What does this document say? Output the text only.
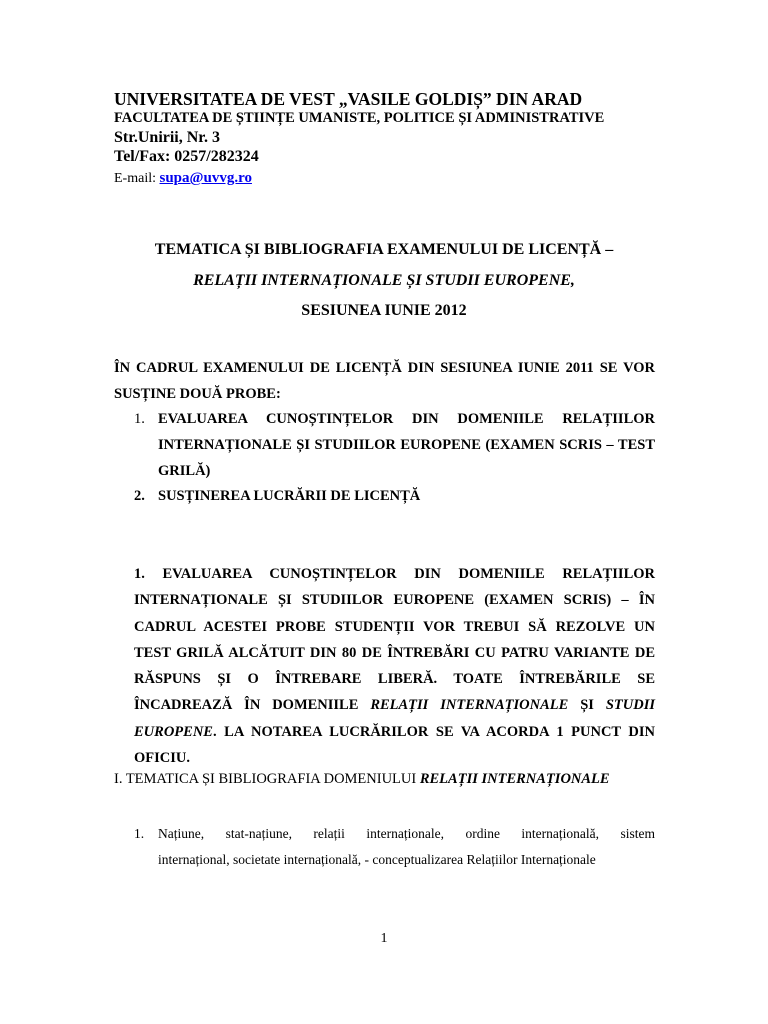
UNIVERSITATEA DE VEST „VASILE GOLDIȘ” DIN ARAD
FACULTATEA DE ȘTIINȚE UMANISTE, POLITICE ȘI ADMINISTRATIVE
Str.Unirii, Nr. 3
Tel/Fax: 0257/282324
E-mail: supa@uvvg.ro
TEMATICA ȘI BIBLIOGRAFIA EXAMENULUI DE LICENȚĂ –
RELAȚII INTERNAȚIONALE ȘI STUDII EUROPENE,
SESIUNEA IUNIE 2012
ÎN CADRUL EXAMENULUI DE LICENȚĂ DIN SESIUNEA IUNIE 2011 SE VOR
SUSȚINE DOUĂ PROBE:
1. EVALUAREA CUNOȘTINȚELOR DIN DOMENIILE RELAȚIILOR INTERNAȚIONALE ȘI STUDIILOR EUROPENE (EXAMEN SCRIS – TEST GRILĂ)
2. SUSȚINEREA LUCRĂRII DE LICENȚĂ
1. EVALUAREA CUNOȘTINȚELOR DIN DOMENIILE RELAȚIILOR
INTERNAȚIONALE ȘI STUDIILOR EUROPENE (EXAMEN SCRIS) – ÎN
CADRUL ACESTEI PROBE STUDENȚII VOR TREBUI SĂ REZOLVE UN
TEST GRILĂ ALCĂTUIT DIN 80 DE ÎNTREBĂRI CU PATRU VARIANTE DE
RĂSPUNS ȘI O ÎNTREBARE LIBERĂ. TOATE ÎNTREBĂRILE SE
ÎNCADREAZĂ ÎN DOMENIILE RELAȚII INTERNAȚIONALE ȘI STUDII
EUROPENE. LA NOTAREA LUCRĂRILOR SE VA ACORDA 1 PUNCT DIN
OFICIU.
I. TEMATICA ȘI BIBLIOGRAFIA DOMENIULUI RELAȚII INTERNAȚIONALE
1. Națiune, stat-națiune, relații internaționale, ordine internațională, sistem
internațional, societate internațională, - conceptualizarea Relațiilor Internaționale
1
